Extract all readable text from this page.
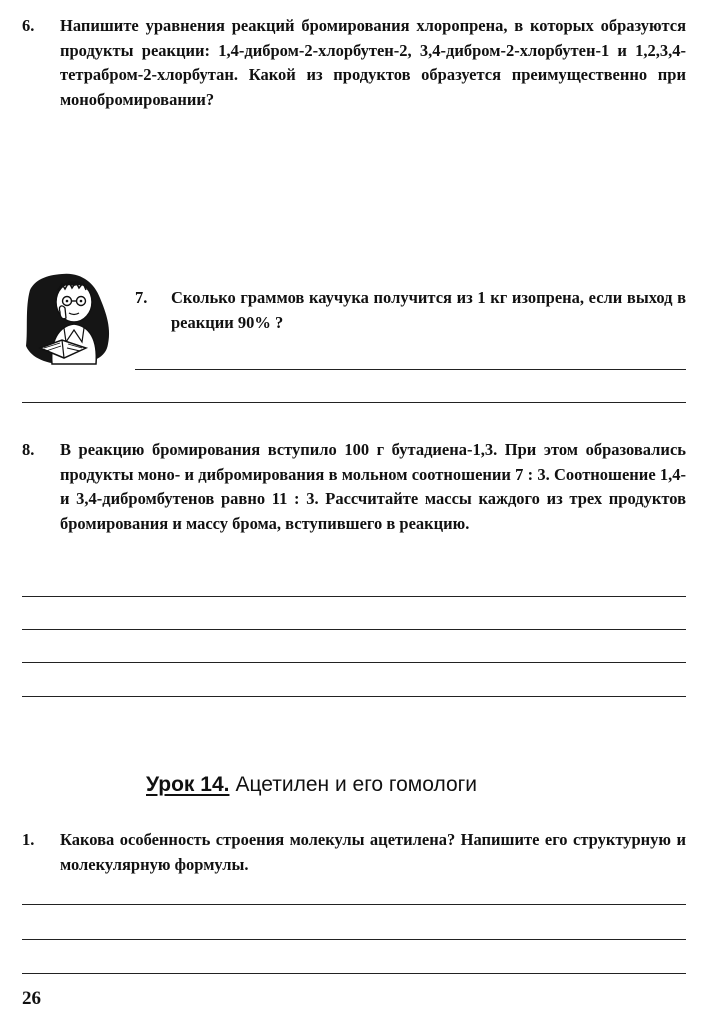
6. Напишите уравнения реакций бромирования хлоропрена, в которых образуются продукты реакции: 1,4-дибром-2-хлорбутен-2, 3,4-дибром-2-хлорбутен-1 и 1,2,3,4-тетрабром-2-хлорбутан. Какой из продуктов образуется преимущественно при монобромировании?
7. Сколько граммов каучука получится из 1 кг изопрена, если выход в реакции 90% ?
8. В реакцию бромирования вступило 100 г бутадиена-1,3. При этом образовались продукты моно- и дибромирования в мольном соотношении 7 : 3. Соотношение 1,4- и 3,4-дибромбутенов равно 11 : 3. Рассчитайте массы каждого из трех продуктов бромирования и массу брома, вступившего в реакцию.
Урок 14. Ацетилен и его гомологи
1. Какова особенность строения молекулы ацетилена? Напишите его структурную и молекулярную формулы.
26
